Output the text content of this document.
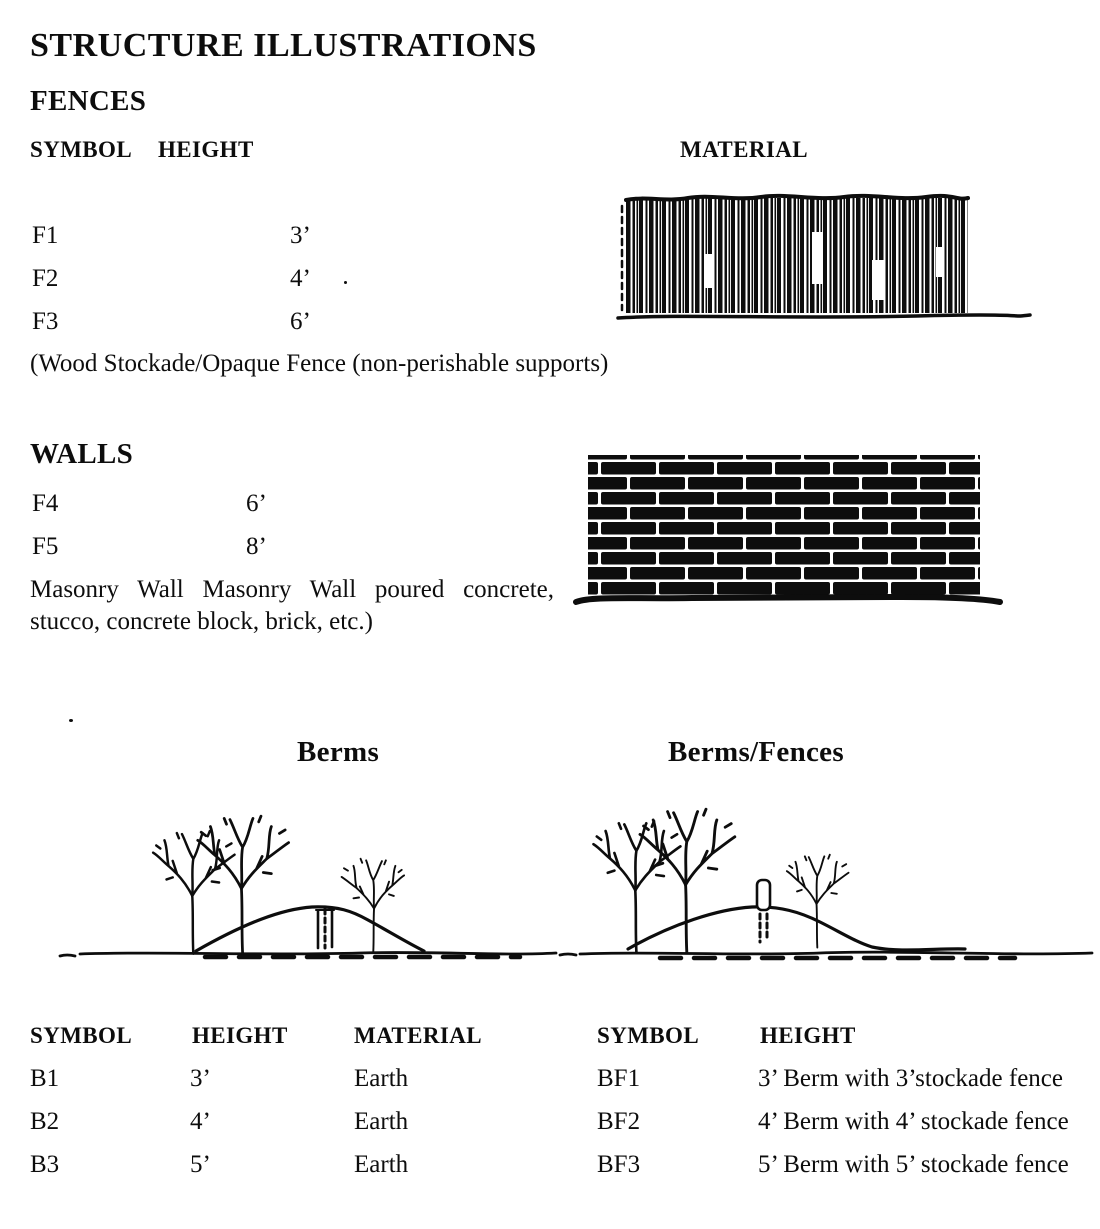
STRUCTURE ILLUSTRATIONS
FENCES
SYMBOL HEIGHT	MATERIAL
F1	3’
F2	4’
F3	6’
(Wood Stockade/Opaque Fence (non-perishable supports)
WALLS
F4	6’
F5	8’
Masonry Wall Masonry Wall poured concrete,
stucco, concrete block, brick, etc.)
Berms	Berms/Fences
SYMBOL	HEIGHT	MATERIAL
B1	3’	Earth
B2	4’	Earth
B3	5’	Earth
SYMBOL	HEIGHT
BF1	3’ Berm with 3’stockade fence
BF2	4’ Berm with 4’ stockade fence
BF3	5’ Berm with 5’ stockade fence
